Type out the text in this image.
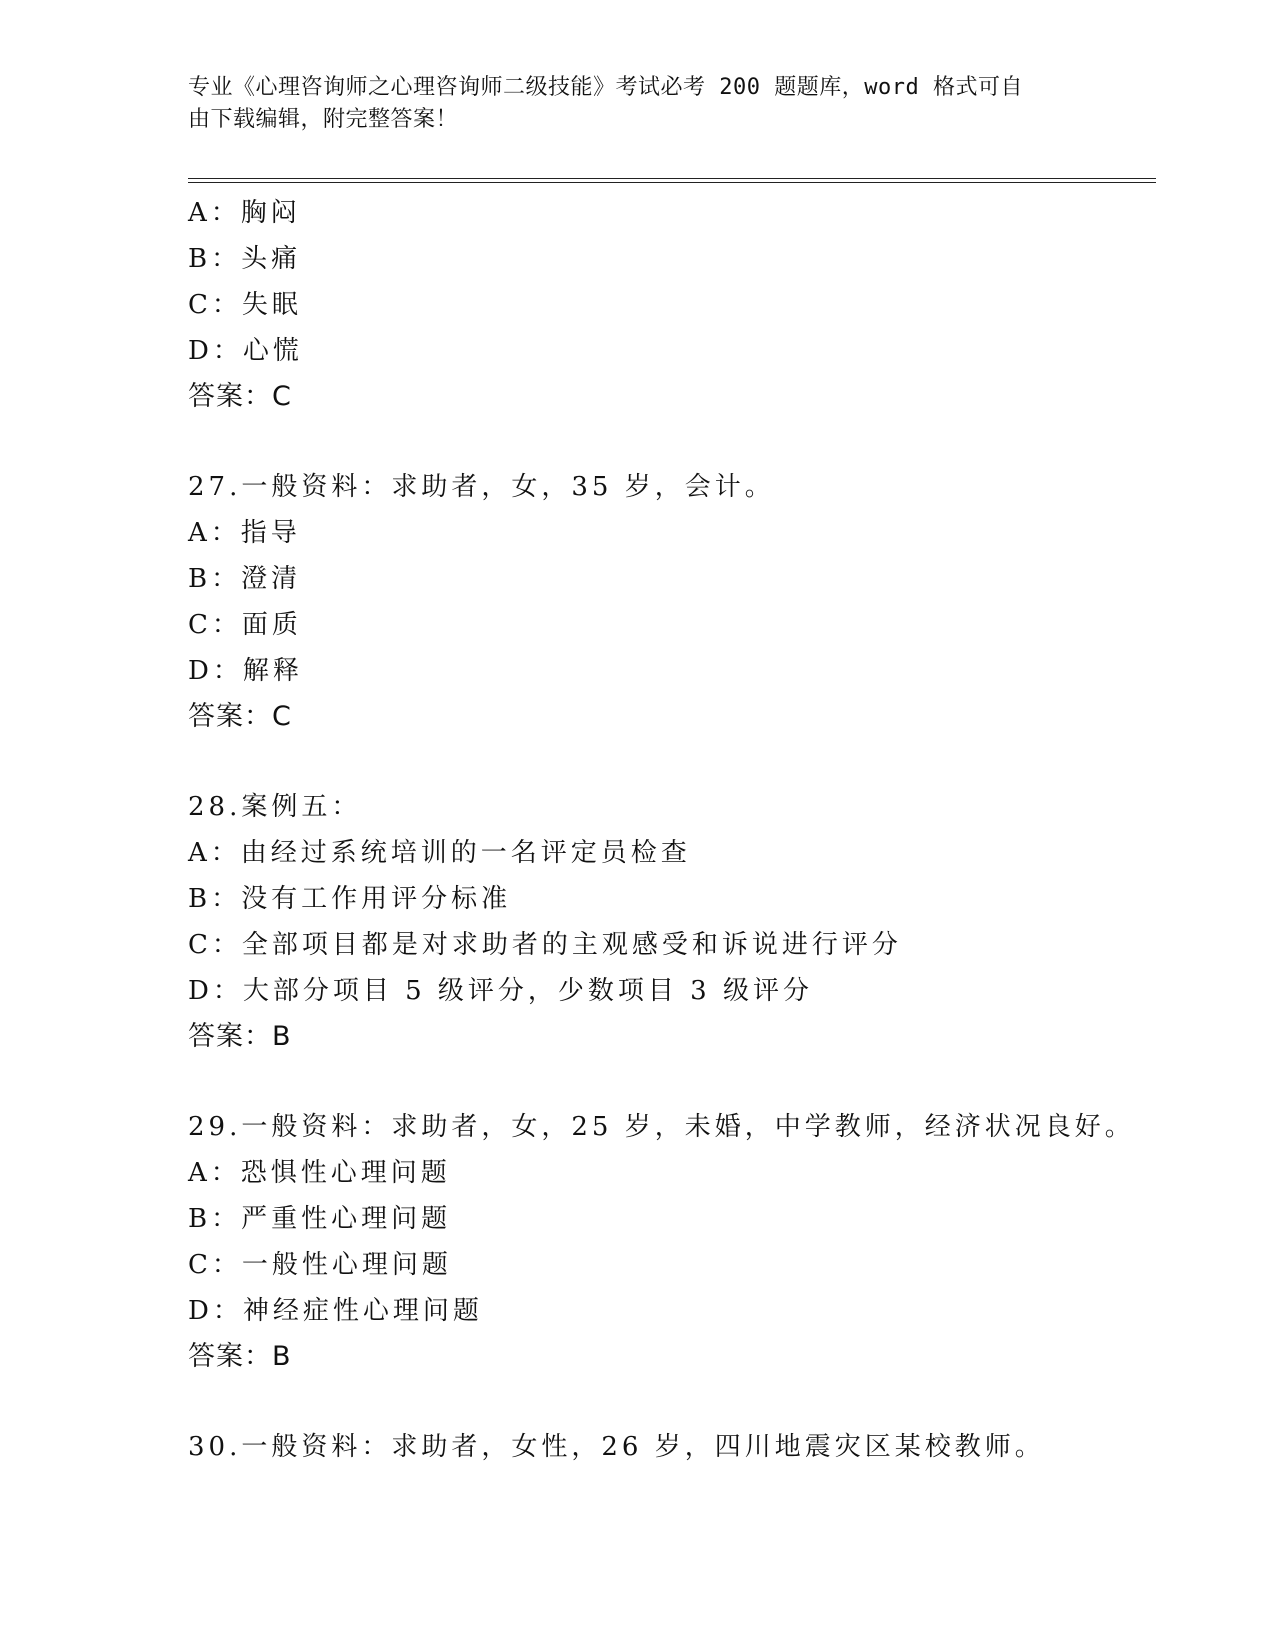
专业《心理咨询师之心理咨询师二级技能》考试必考 200 题题库，word 格式可自
由下载编辑，附完整答案！
A：胸闷
B：头痛
C：失眠
D：心慌
答案：C
27.一般资料：求助者，女，35 岁，会计。
A：指导
B：澄清
C：面质
D：解释
答案：C
28.案例五：
A：由经过系统培训的一名评定员检查
B：没有工作用评分标准
C：全部项目都是对求助者的主观感受和诉说进行评分
D：大部分项目 5 级评分，少数项目 3 级评分
答案：B
29.一般资料：求助者，女，25 岁，未婚，中学教师，经济状况良好。
A：恐惧性心理问题
B：严重性心理问题
C：一般性心理问题
D：神经症性心理问题
答案：B
30.一般资料：求助者，女性，26 岁，四川地震灾区某校教师。
